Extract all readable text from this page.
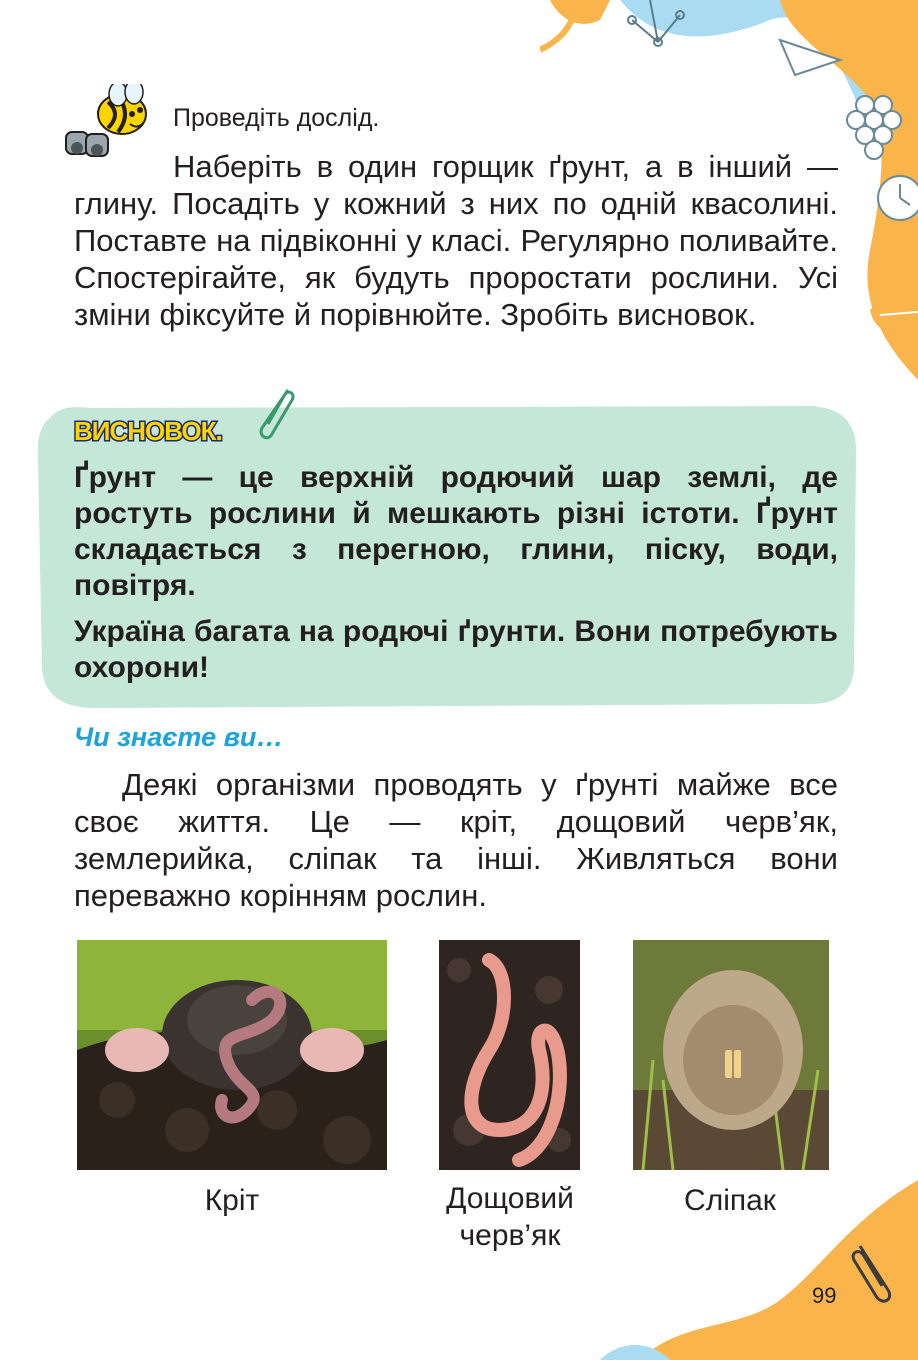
Проведіть дослід.
Наберіть в один горщик ґрунт, а в інший — глину. Посадіть у кожний з них по одній квасолині. Поставте на підвіконні у класі. Регулярно поливайте. Спостерігайте, як будуть проростати рослини. Усі зміни фіксуйте й порівнюйте. Зробіть висновок.
ВИСНОВОК.
Ґрунт — це верхній родючий шар землі, де ростуть рослини й мешкають різні істоти. Ґрунт складається з перегною, глини, піску, води, повітря.
Україна багата на родючі ґрунти. Вони потребують охорони!
Чи знаєте ви…
Деякі організми проводять у ґрунті майже все своє життя. Це — кріт, дощовий черв’як, землерийка, сліпак та інші. Живляться вони переважно корінням рослин.
Кріт	Дощовий
черв’як
Сліпак
99
